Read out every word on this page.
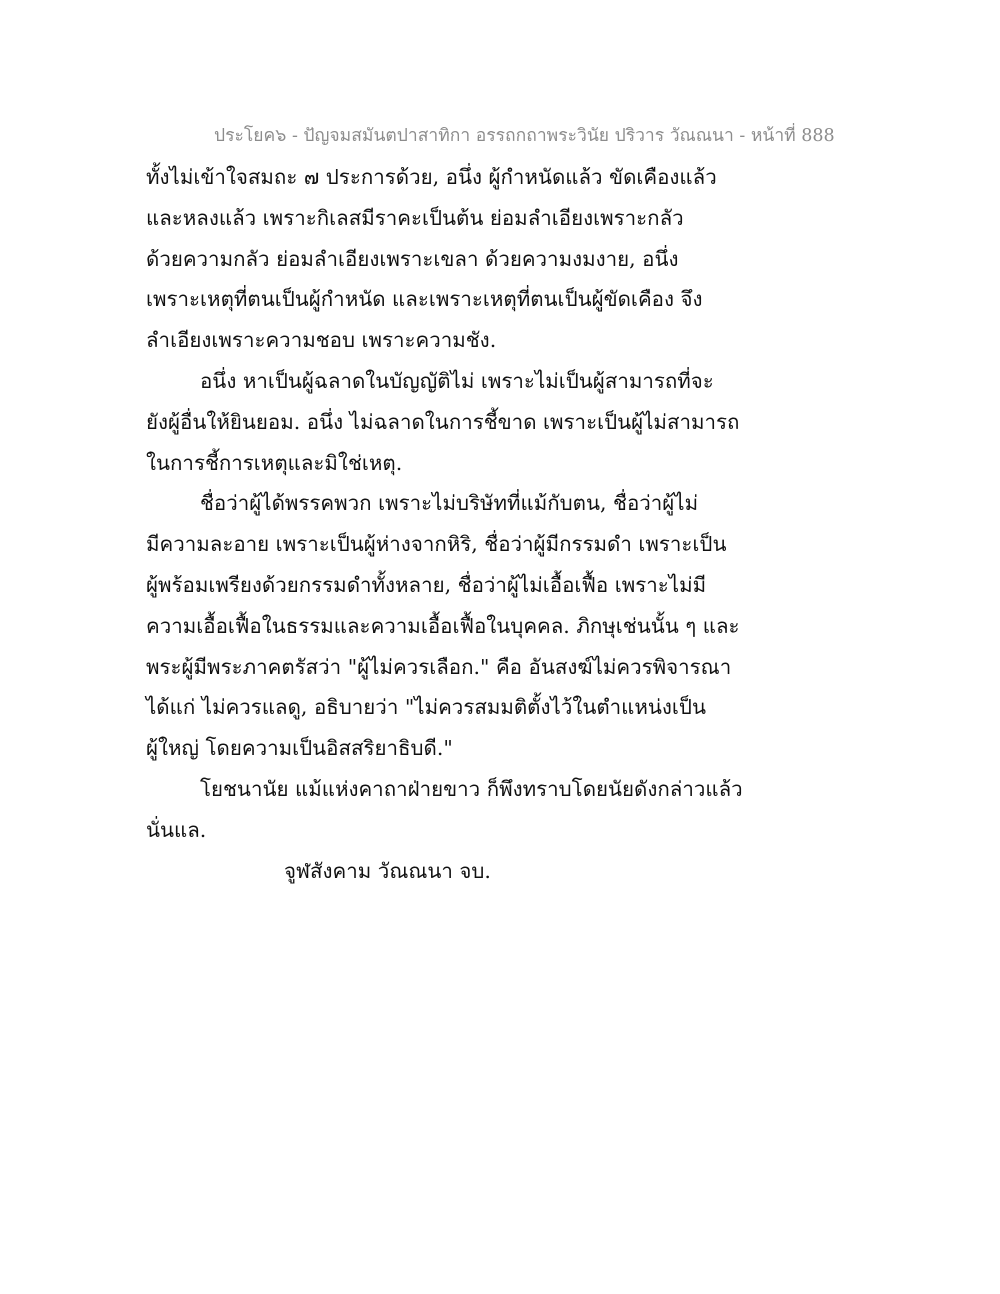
ประโยค๖ - ปัญจมสมันตปาสาทิกา อรรถกถาพระวินัย ปริวาร วัณณนา - หน้าที่ 888
ทั้งไม่เข้าใจสมถะ ๗ ประการด้วย, อนึ่ง ผู้กำหนัดแล้ว ขัดเคืองแล้ว
และหลงแล้ว เพราะกิเลสมีราคะเป็นต้น ย่อมลำเอียงเพราะกลัว
ด้วยความกลัว ย่อมลำเอียงเพราะเขลา ด้วยความงมงาย, อนึ่ง
เพราะเหตุที่ตนเป็นผู้กำหนัด และเพราะเหตุที่ตนเป็นผู้ขัดเคือง จึง
ลำเอียงเพราะความชอบ เพราะความชัง.
อนึ่ง หาเป็นผู้ฉลาดในบัญญัติไม่ เพราะไม่เป็นผู้สามารถที่จะ
ยังผู้อื่นให้ยินยอม. อนึ่ง ไม่ฉลาดในการชี้ขาด เพราะเป็นผู้ไม่สามารถ
ในการชี้การเหตุและมิใช่เหตุ.
ชื่อว่าผู้ได้พรรคพวก เพราะไม่บริษัทที่แม้กับตน, ชื่อว่าผู้ไม่
มีความละอาย เพราะเป็นผู้ห่างจากหิริ, ชื่อว่าผู้มีกรรมดำ เพราะเป็น
ผู้พร้อมเพรียงด้วยกรรมดำทั้งหลาย, ชื่อว่าผู้ไม่เอื้อเฟื้อ เพราะไม่มี
ความเอื้อเฟื้อในธรรมและความเอื้อเฟื้อในบุคคล. ภิกษุเช่นนั้น ๆ และ
พระผู้มีพระภาคตรัสว่า "ผู้ไม่ควรเลือก." คือ อันสงฆ์ไม่ควรพิจารณา
ได้แก่ ไม่ควรแลดู, อธิบายว่า "ไม่ควรสมมติตั้งไว้ในตำแหน่งเป็น
ผู้ใหญ่ โดยความเป็นอิสสริยาธิบดี."
โยชนานัย แม้แห่งคาถาฝ่ายขาว ก็พึงทราบโดยนัยดังกล่าวแล้ว
นั่นแล.
จูฬสังคาม วัณณนา จบ.
